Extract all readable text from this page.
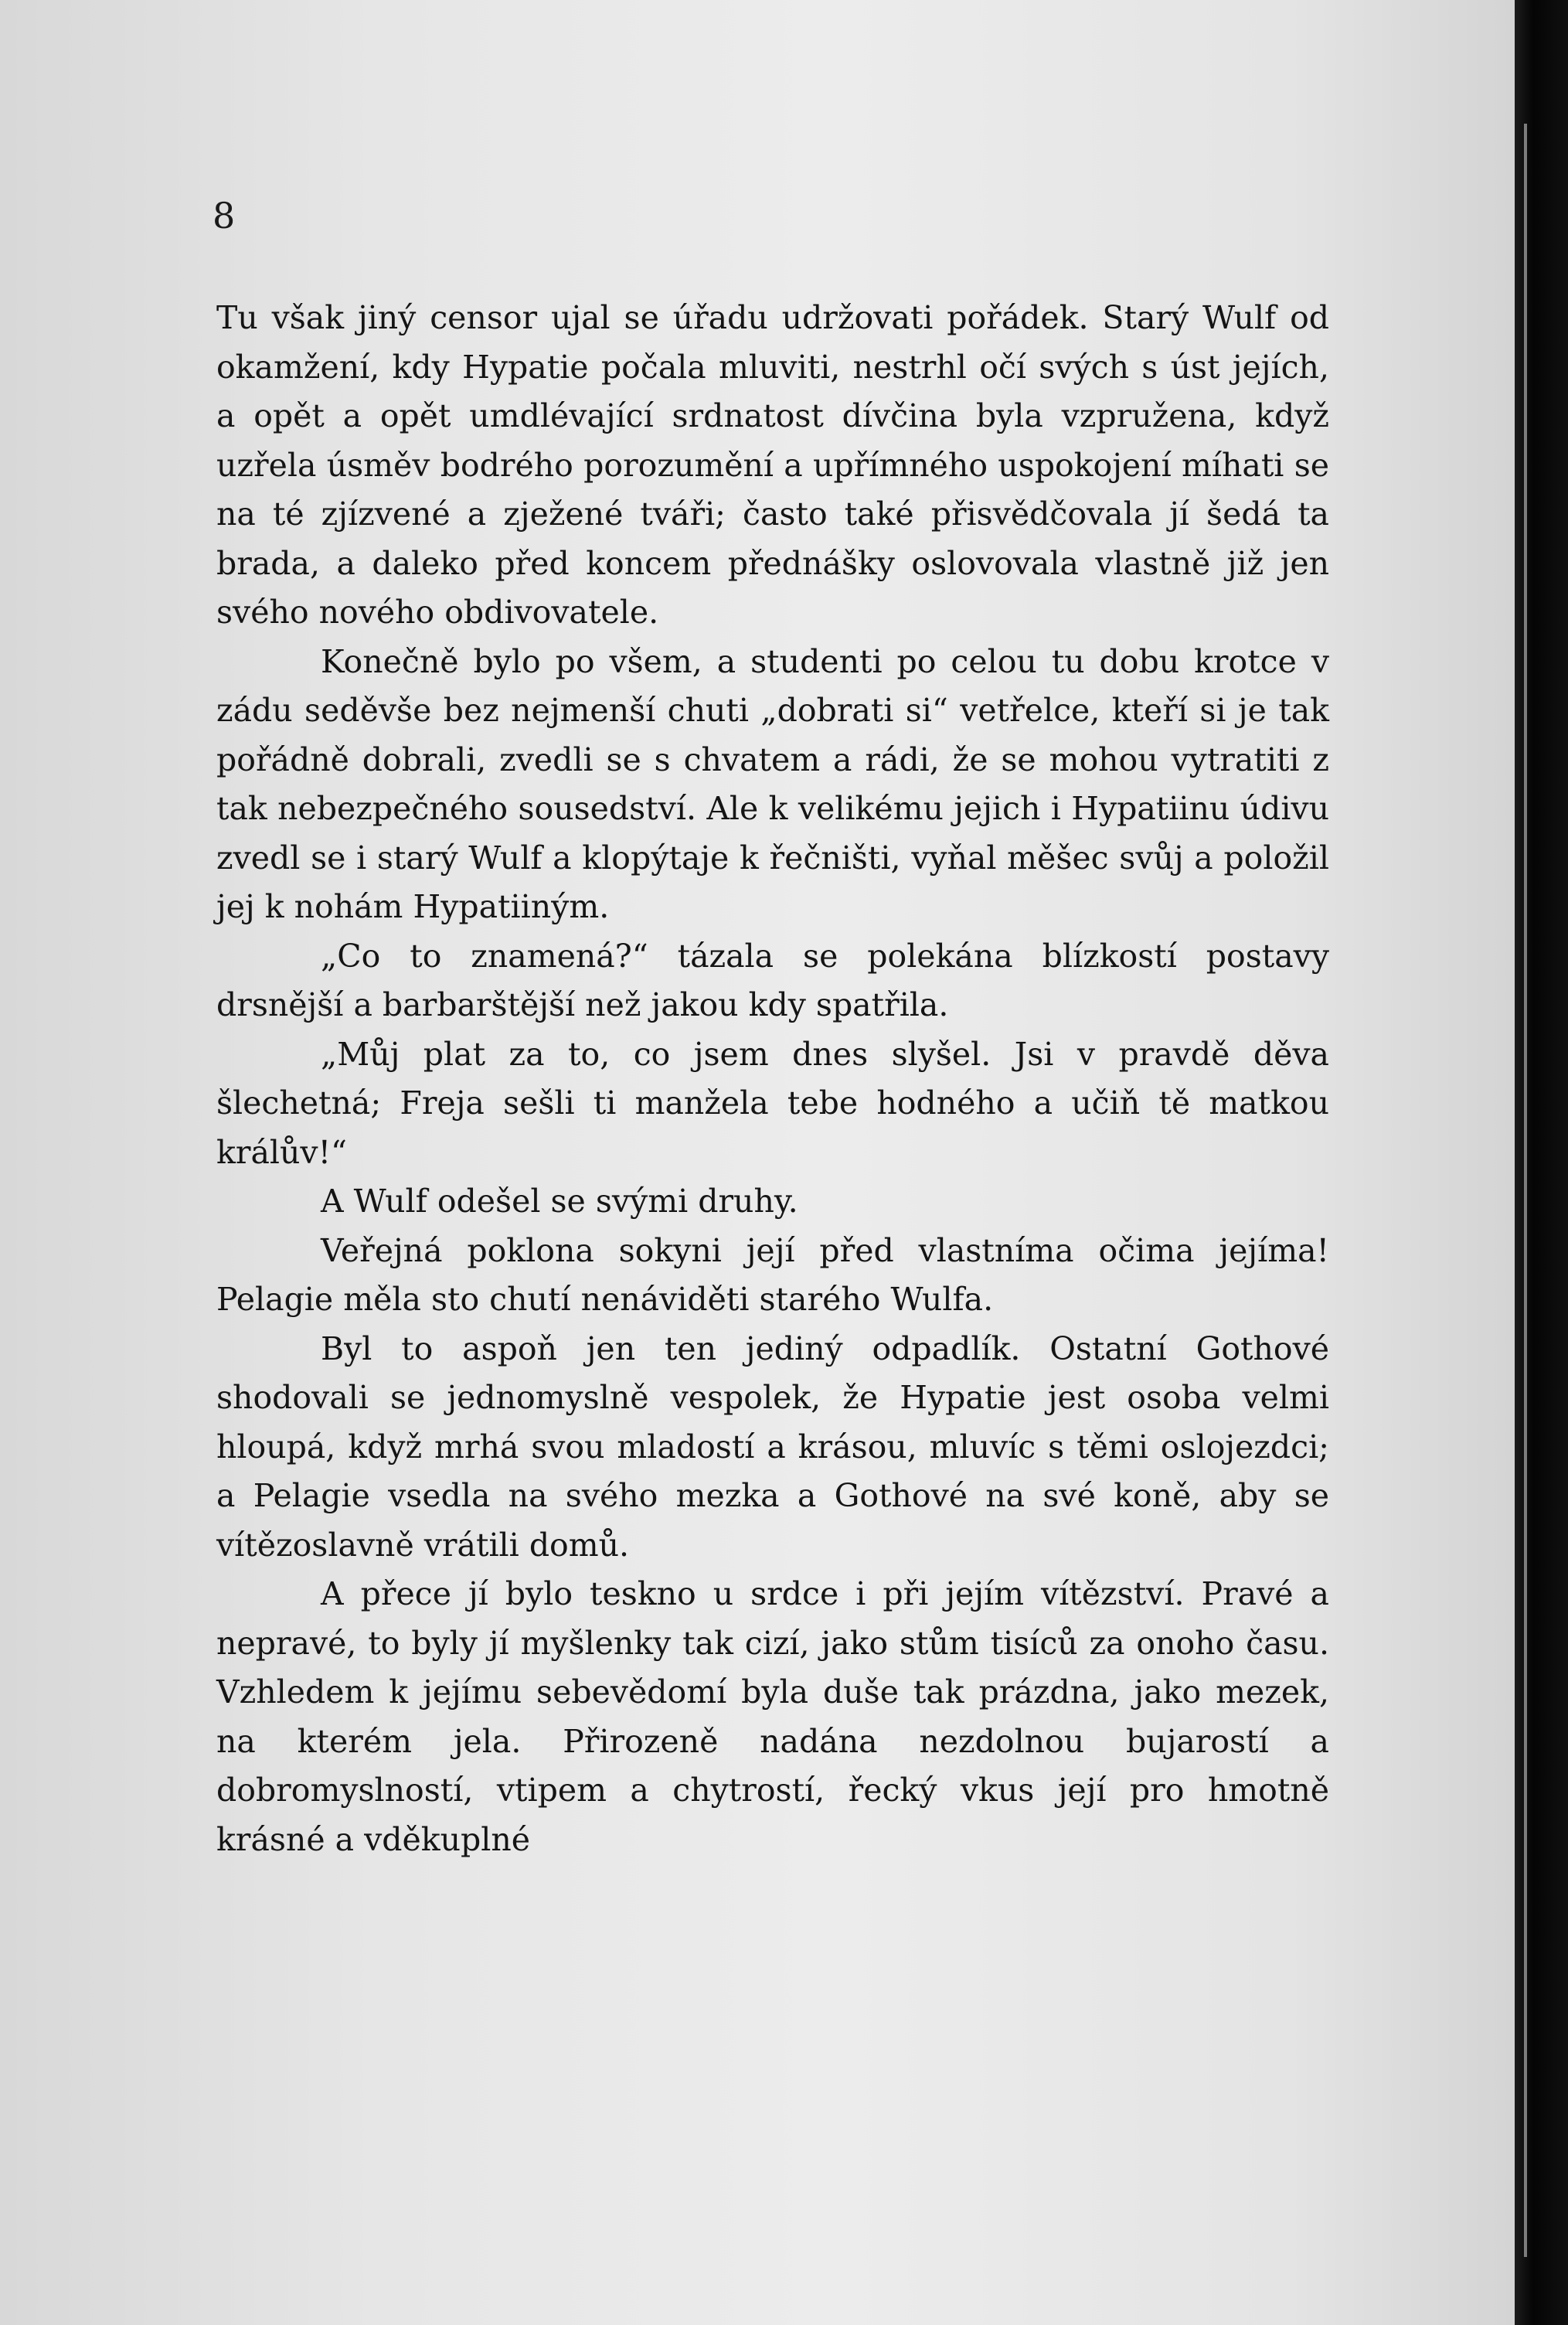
8

Tu však jiný censor ujal se úřadu udržovati pořádek. Starý Wulf od okamžení, kdy Hypatie počala mluviti, nestrhl očí svých s úst jejích, a opět a opět umdlévající srdnatost dívčina byla vzpružena, když uzřela úsměv bodrého porozumění a upřímného uspokojení míhati se na té zjízvené a zježené tváři; často také přisvědčovala jí šedá ta brada, a daleko před koncem přednášky oslovovala vlastně již jen svého nového obdivovatele.

Konečně bylo po všem, a studenti po celou tu dobu krotce v zádu seděvše bez nejmenší chuti „dobrati si“ vetřelce, kteří si je tak pořádně dobrali, zvedli se s chvatem a rádi, že se mohou vytratiti z tak nebezpečného sousedství. Ale k velikému jejich i Hypatiinu údivu zvedl se i starý Wulf a klopýtaje k řečništi, vyňal měšec svůj a položil jej k nohám Hypatiiným.

„Co to znamená?“ tázala se polekána blízkostí postavy drsnější a barbarštější než jakou kdy spatřila.

„Můj plat za to, co jsem dnes slyšel. Jsi v pravdě děva šlechetná; Freja sešli ti manžela tebe hodného a učiň tě matkou králův!“

A Wulf odešel se svými druhy.

Veřejná poklona sokyni její před vlastníma očima jejíma! Pelagie měla sto chutí nenáviděti starého Wulfa.

Byl to aspoň jen ten jediný odpadlík. Ostatní Gothové shodovali se jednomyslně vespolek, že Hypatie jest osoba velmi hloupá, když mrhá svou mladostí a krásou, mluvíc s těmi oslojezdci; a Pelagie vsedla na svého mezka a Gothové na své koně, aby se vítězoslavně vrátili domů.

A přece jí bylo teskno u srdce i při jejím vítězství. Pravé a nepravé, to byly jí myšlenky tak cizí, jako stům tisíců za onoho času. Vzhledem k jejímu sebevědomí byla duše tak prázdna, jako mezek, na kterém jela. Přirozeně nadána nezdolnou bujarostí a dobromyslností, vtipem a chytrostí, řecký vkus její pro hmotně krásné a vděkuplné
